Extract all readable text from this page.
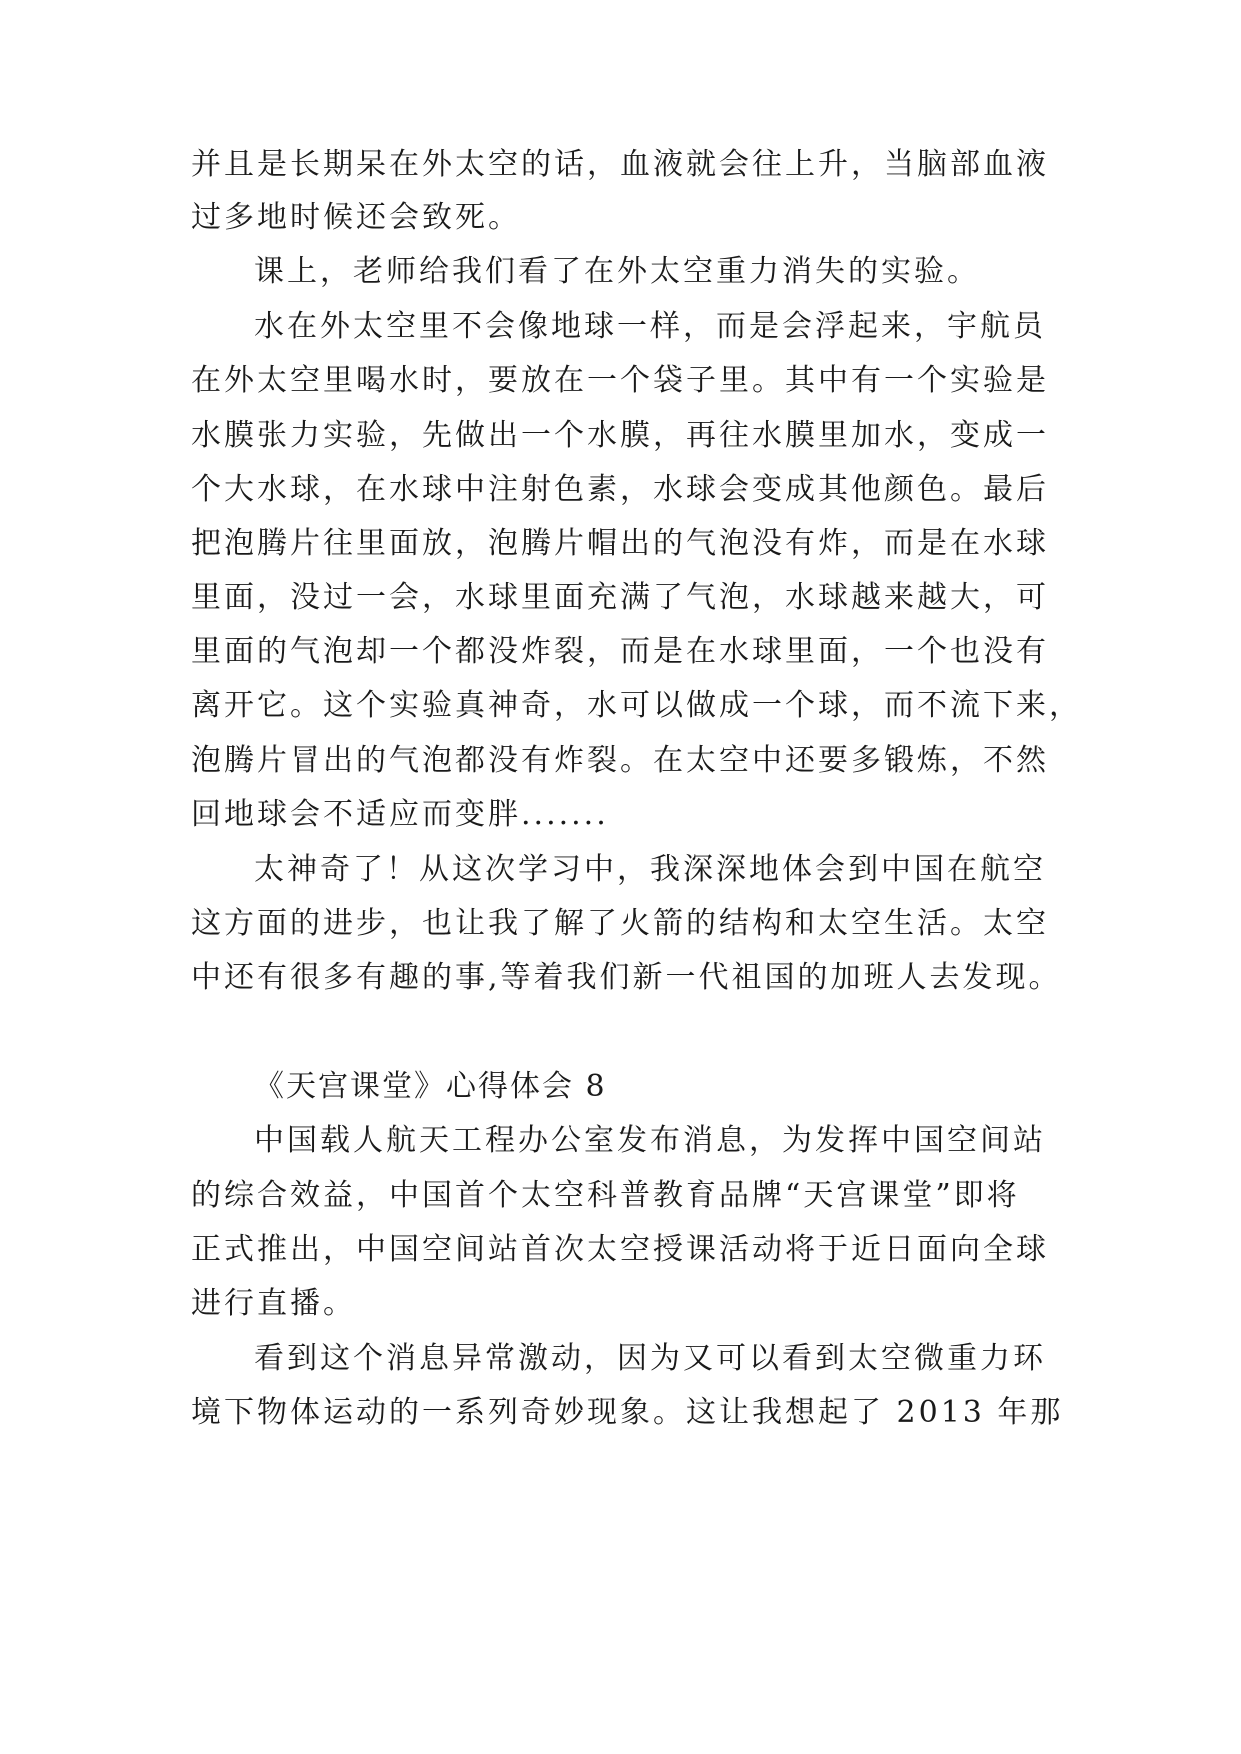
并且是长期呆在外太空的话，血液就会往上升，当脑部血液
过多地时候还会致死。
课上，老师给我们看了在外太空重力消失的实验。
水在外太空里不会像地球一样，而是会浮起来，宇航员
在外太空里喝水时，要放在一个袋子里。其中有一个实验是
水膜张力实验，先做出一个水膜，再往水膜里加水，变成一
个大水球，在水球中注射色素，水球会变成其他颜色。最后
把泡腾片往里面放，泡腾片帽出的气泡没有炸，而是在水球
里面，没过一会，水球里面充满了气泡，水球越来越大，可
里面的气泡却一个都没炸裂，而是在水球里面，一个也没有
离开它。这个实验真神奇，水可以做成一个球，而不流下来，
泡腾片冒出的气泡都没有炸裂。在太空中还要多锻炼，不然
回地球会不适应而变胖.......
太神奇了！从这次学习中，我深深地体会到中国在航空
这方面的进步，也让我了解了火箭的结构和太空生活。太空
中还有很多有趣的事,等着我们新一代祖国的加班人去发现。
《天宫课堂》心得体会 8
中国载人航天工程办公室发布消息，为发挥中国空间站
的综合效益，中国首个太空科普教育品牌“天宫课堂”即将
正式推出，中国空间站首次太空授课活动将于近日面向全球
进行直播。
看到这个消息异常激动，因为又可以看到太空微重力环
境下物体运动的一系列奇妙现象。这让我想起了 2013 年那
